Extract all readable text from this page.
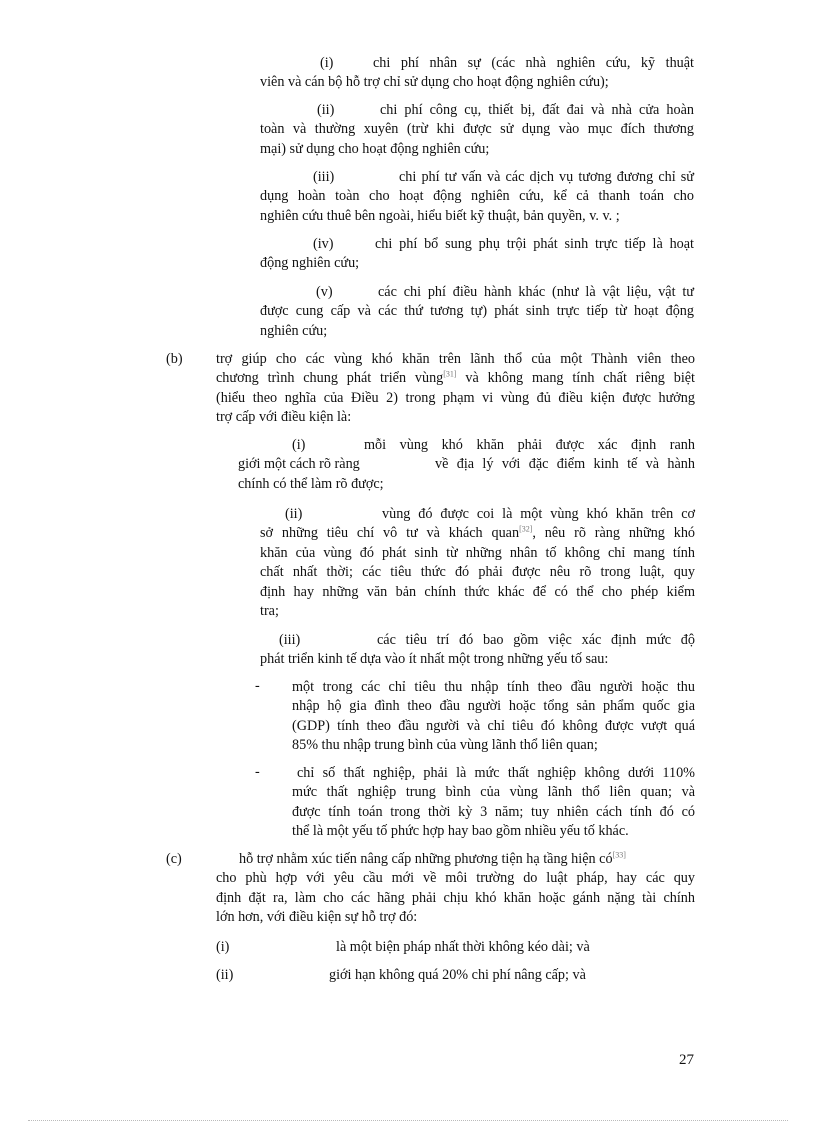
(i)	chi phí nhân sự (các nhà nghiên cứu, kỹ thuật
viên và cán bộ hỗ trợ chỉ sử dụng cho hoạt động nghiên cứu);
(ii)	chi phí công cụ, thiết bị, đất đai và nhà cửa hoàn
toàn và thường xuyên (trừ khi được sử dụng vào mục đích thương
mại) sử dụng cho hoạt động nghiên cứu;
(iii)	chi phí tư vấn và các dịch vụ tương đương chỉ sử
dụng hoàn toàn cho hoạt động nghiên cứu, kể cả thanh toán cho
nghiên cứu thuê bên ngoài, hiểu biết kỹ thuật, bản quyền, v. v. ;
(iv)	chi phí bổ sung phụ trội phát sinh trực tiếp là hoạt
động nghiên cứu;
(v)	các chi phí điều hành khác (như là vật liệu, vật tư
được cung cấp và các thứ tương tự) phát sinh trực tiếp từ hoạt động
nghiên cứu;
(b) trợ giúp cho các vùng khó khăn trên lãnh thổ của một Thành viên theo
chương trình chung phát triển vùng[31] và không mang tính chất riêng biệt
(hiểu theo nghĩa của Điều 2) trong phạm vi vùng đủ điều kiện được hưởng
trợ cấp với điều kiện là:
(i)	mỗi vùng khó khăn phải được xác định ranh
giới một cách rõ ràng	về địa lý với đặc điểm kinh tế và hành
chính có thể làm rõ được;
(ii)	vùng đó được coi là một vùng khó khăn trên cơ
sở những tiêu chí vô tư và khách quan[32], nêu rõ ràng những khó
khăn của vùng đó phát sinh từ những nhân tố không chỉ mang tính
chất nhất thời; các tiêu thức đó phải được nêu rõ trong luật, quy
định hay những văn bản chính thức khác để có thể cho phép kiểm
tra;
(iii)	các tiêu trí đó bao gồm việc xác định mức độ
phát triển kinh tế dựa vào ít nhất một trong những yếu tố sau:
- một trong các chỉ tiêu thu nhập tính theo đầu người hoặc thu
nhập hộ gia đình theo đầu người hoặc tổng sản phẩm quốc gia
(GDP) tính theo đầu người và chỉ tiêu đó không được vượt quá
85% thu nhập trung bình của vùng lãnh thổ liên quan;
-	chỉ số thất nghiệp, phải là mức thất nghiệp không dưới 110%
mức thất nghiệp trung bình của vùng lãnh thổ liên quan; và
được tính toán trong thời kỳ 3 năm; tuy nhiên cách tính đó có
thể là một yếu tố phức hợp hay bao gồm nhiều yếu tố khác.
(c)	hỗ trợ nhằm xúc tiến nâng cấp những phương tiện hạ tầng hiện có[33]
cho phù hợp với yêu cầu mới về môi trường do luật pháp, hay các quy
định đặt ra, làm cho các hãng phải chịu khó khăn hoặc gánh nặng tài chính
lớn hơn, với điều kiện sự hỗ trợ đó:
(i)	là một biện pháp nhất thời không kéo dài; và
(ii)	giới hạn không quá 20% chi phí nâng cấp; và
27
